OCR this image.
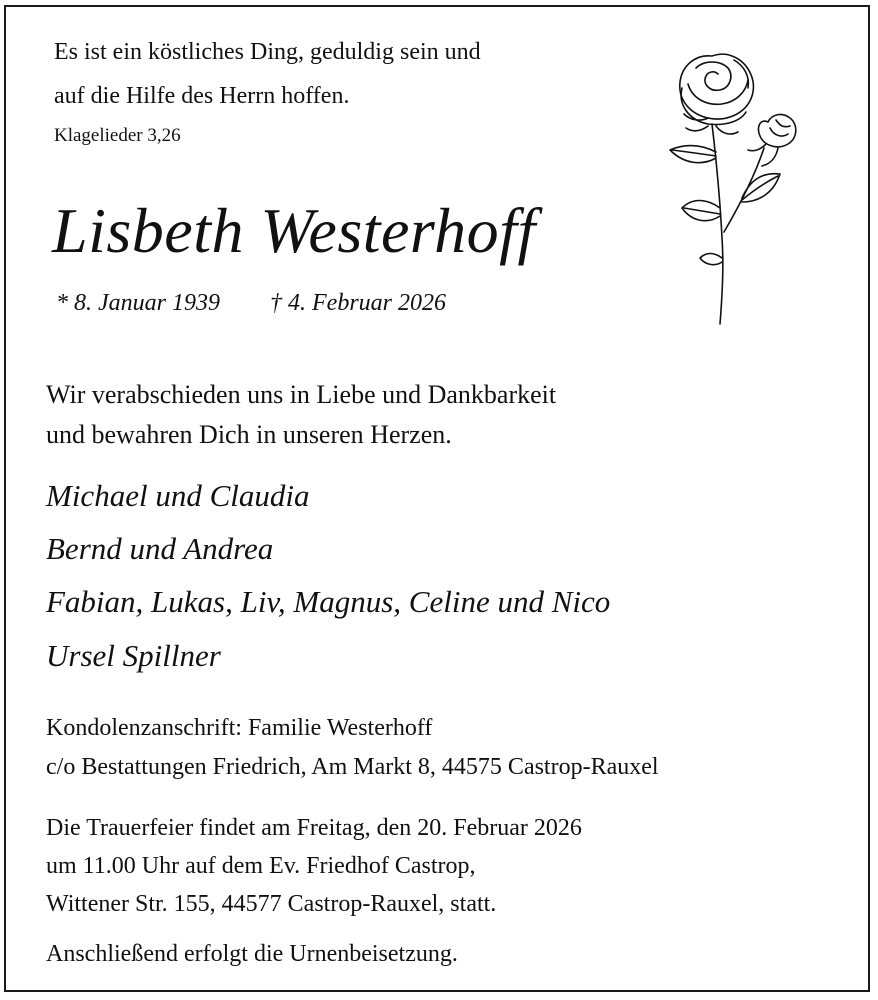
Es ist ein köstliches Ding, geduldig sein und
auf die Hilfe des Herrn hoffen.
Klagelieder 3,26
Lisbeth Westerhoff
* 8. Januar 1939 † 4. Februar 2026
Wir verabschieden uns in Liebe und Dankbarkeit
und bewahren Dich in unseren Herzen.
Michael und Claudia
Bernd und Andrea
Fabian, Lukas, Liv, Magnus, Celine und Nico
Ursel Spillner
Kondolenzanschrift: Familie Westerhoff
c/o Bestattungen Friedrich, Am Markt 8, 44575 Castrop-Rauxel
Die Trauerfeier findet am Freitag, den 20. Februar 2026
um 11.00 Uhr auf dem Ev. Friedhof Castrop,
Wittener Str. 155, 44577 Castrop-Rauxel, statt.
Anschließend erfolgt die Urnenbeisetzung.
